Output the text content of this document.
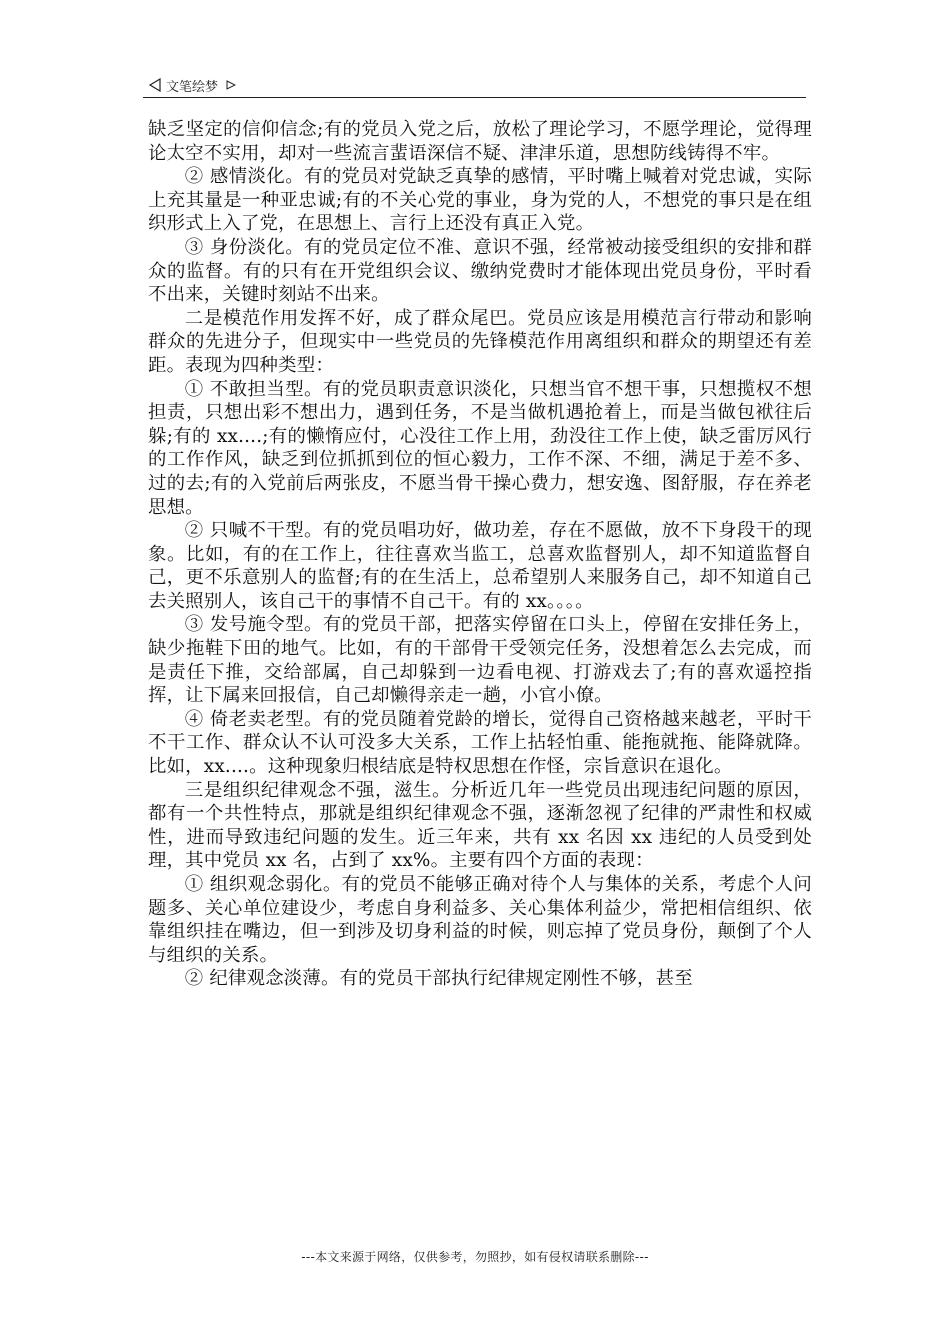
文笔绘梦

缺乏坚定的信仰信念;有的党员入党之后，放松了理论学习，不愿学理论，觉得理论太空不实用，却对一些流言蜚语深信不疑、津津乐道，思想防线铸得不牢。

② 感情淡化。有的党员对党缺乏真挚的感情，平时嘴上喊着对党忠诚，实际上充其量是一种亚忠诚;有的不关心党的事业，身为党的人，不想党的事只是在组织形式上入了党，在思想上、言行上还没有真正入党。

③ 身份淡化。有的党员定位不准、意识不强，经常被动接受组织的安排和群众的监督。有的只有在开党组织会议、缴纳党费时才能体现出党员身份，平时看不出来，关键时刻站不出来。

二是模范作用发挥不好，成了群众尾巴。党员应该是用模范言行带动和影响群众的先进分子，但现实中一些党员的先锋模范作用离组织和群众的期望还有差距。表现为四种类型：

① 不敢担当型。有的党员职责意识淡化，只想当官不想干事，只想揽权不想担责，只想出彩不想出力，遇到任务，不是当做机遇抢着上，而是当做包袱往后躲;有的 xx....;有的懒惰应付，心没往工作上用，劲没往工作上使，缺乏雷厉风行的工作作风，缺乏到位抓抓到位的恒心毅力，工作不深、不细，满足于差不多、过的去;有的入党前后两张皮，不愿当骨干操心费力，想安逸、图舒服，存在养老思想。

② 只喊不干型。有的党员唱功好，做功差，存在不愿做，放不下身段干的现象。比如，有的在工作上，往往喜欢当监工，总喜欢监督别人，却不知道监督自己，更不乐意别人的监督;有的在生活上，总希望别人来服务自己，却不知道自己去关照别人，该自己干的事情不自己干。有的 xx。。。。

③ 发号施令型。有的党员干部，把落实停留在口头上，停留在安排任务上，缺少拖鞋下田的地气。比如，有的干部骨干受领完任务，没想着怎么去完成，而是责任下推，交给部属，自己却躲到一边看电视、打游戏去了;有的喜欢遥控指挥，让下属来回报信，自己却懒得亲走一趟，小官小僚。

④ 倚老卖老型。有的党员随着党龄的增长，觉得自己资格越来越老，平时干不干工作、群众认不认可没多大关系，工作上拈轻怕重、能拖就拖、能降就降。比如，xx....。这种现象归根结底是特权思想在作怪，宗旨意识在退化。

三是组织纪律观念不强，滋生。分析近几年一些党员出现违纪问题的原因，都有一个共性特点，那就是组织纪律观念不强，逐渐忽视了纪律的严肃性和权威性，进而导致违纪问题的发生。近三年来，共有 xx 名因 xx 违纪的人员受到处理，其中党员 xx 名，占到了 xx%。主要有四个方面的表现：

① 组织观念弱化。有的党员不能够正确对待个人与集体的关系，考虑个人问题多、关心单位建设少，考虑自身利益多、关心集体利益少，常把相信组织、依靠组织挂在嘴边，但一到涉及切身利益的时候，则忘掉了党员身份，颠倒了个人与组织的关系。

② 纪律观念淡薄。有的党员干部执行纪律规定刚性不够，甚至

---本文来源于网络，仅供参考，勿照抄，如有侵权请联系删除---
